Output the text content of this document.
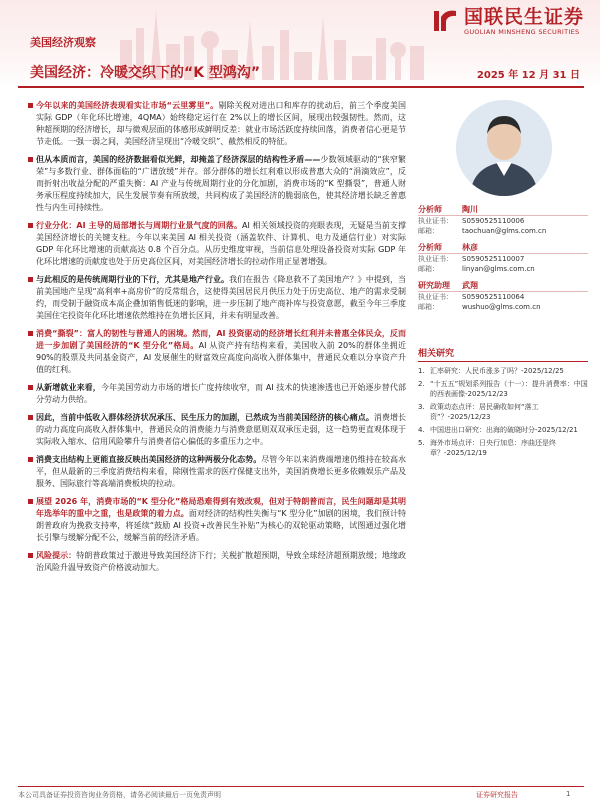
国联民生证券
GUOLIAN MINSHENG SECURITIES
美国经济观察
美国经济：冷暖交织下的“K 型鸿沟”	2025 年 12 月 31 日
今年以来的美国经济表现看实让市场“云里雾里”。剔除关税对进出口和库存的扰动后，前三个季度美国实际 GDP（年化环比增速，4QMA）始终稳定运行在 2%以上的增长区间，展现出较强韧性。然而，这种超预期的经济增长，却与微观层面的体感形成鲜明反差：就业市场活跃度持续回落，消费者信心更是节节走低。一强一弱之间，美国经济呈现出“冷暖交织”、截然相反的特征。
但从本质而言，美国的经济数据看似光鲜，却掩盖了经济深层的结构性矛盾——少数领域驱动的“狭窄繁荣”与多数行业、群体面临的“广谱放缓”并存。部分群体的增长红利难以形成普惠大众的“涓滴效应”，反而折射出收益分配的严重失衡：AI 产业与传统周期行业的分化加剧，消费市场的“K 型撕裂”，普通人财务承压程度持续加大，民生发展节奏有所放缓，共同构成了美国经济的脆弱底色，使其经济增长缺乏普惠性与内生可持续性。
行业分化：AI 主导的局部增长与周期行业景气度的回落。AI 相关领域投资的亮眼表现，无疑是当前支撑美国经济增长的关键支柱。今年以来美国 AI 相关投资（涵盖软件、计算机、电力及通信行业）对实际 GDP 年化环比增速的贡献高达 0.8 个百分点。从历史维度审视，当前信息处理设备投资对实际 GDP 年化环比增速的贡献度也处于历史高位区间，对美国经济增长的拉动作用正显著增强。
与此相反的是传统周期行业的下行，尤其是地产行业。我们在报告《降息救不了美国地产？》中提到，当前美国地产呈现“高利率+高房价”的反常组合，这使得美国居民月供压力处于历史高位、地产的需求受制约，而受制于融资成本高企叠加销售低迷的影响，进一步压制了地产商补库与投资意愿，截至今年三季度美国住宅投资年化环比增速依然维持在负增长区间，并未有明显改善。
消费“撕裂”：富人的韧性与普通人的困境。然而，AI 投资驱动的经济增长红利并未普惠全体民众，反而进一步加剧了美国经济的“K 型分化”格局。AI 从资产持有结构来看，美国收入前 20%的群体坐拥近 90%的股票及共同基金资产，AI 发展催生的财富效应高度向高收入群体集中，普通民众难以分享资产升值的红利。
从新增就业来看，今年美国劳动力市场的增长广度持续收窄，而 AI 技术的快速渗透也已开始逐步替代部分劳动力供给。
因此，当前中低收入群体经济状况承压、民生压力的加剧，已然成为当前美国经济的核心痛点。消费增长的动力高度向高收入群体集中，普通民众的消费能力与消费意愿则双双承压走弱，这一趋势更直观体现于实际收入缩水、信用风险攀升与消费者信心偏低的多重压力之中。
消费支出结构上更能直接反映出美国经济的这种两极分化态势。尽管今年以来消费端增速仍维持在较高水平，但从最新的三季度消费结构来看，除刚性需求的医疗保健支出外，美国消费增长更多依赖娱乐产品及服务、国际旅行等高端消费板块的拉动。
展望 2026 年，消费市场的“K 型分化”格局恐难得到有效改观，但对于特朗普而言，民生问题却是其明年选举年的重中之重，也是政策的着力点。面对经济的结构性失衡与“K 型分化”加剧的困境，我们预计特朗普政府为挽救支持率，将延续“鼓励 AI 投资+改善民生补贴”为核心的双轮驱动策略，试图通过强化增长引擎与缓解分配不公，缓解当前的经济矛盾。
风险提示：特朗普政策过于激进导致美国经济下行；关税扩散超预期，导致全球经济超预期放缓；地缘政治风险升温导致资产价格波动加大。
分析师	陶川
执业证书：	S0590525110006
邮箱：	taochuan@glms.com.cn
分析师	林彦
执业证书：	S0590525110007
邮箱：	linyan@glms.com.cn
研究助理	武翔
执业证书：	S0590525110064
邮箱：	wushuo@glms.com.cn
相关研究
1. 汇率研究：人民币涨多了吗？-2025/12/25
2. “十五五”规划系列报告（十一）：提升消费率：中国的西表画像-2025/12/23
3. 政策动态点评：居民确收如何“落工资”？-2025/12/23
4. 中国进出口研究：出海的破晓时分-2025/12/21
5. 海外市场点评：日央行加息：序曲还是终章？-2025/12/19
本公司具备证券投资咨询业务资格，请务必阅读最后一页免责声明	证券研究报告	1
